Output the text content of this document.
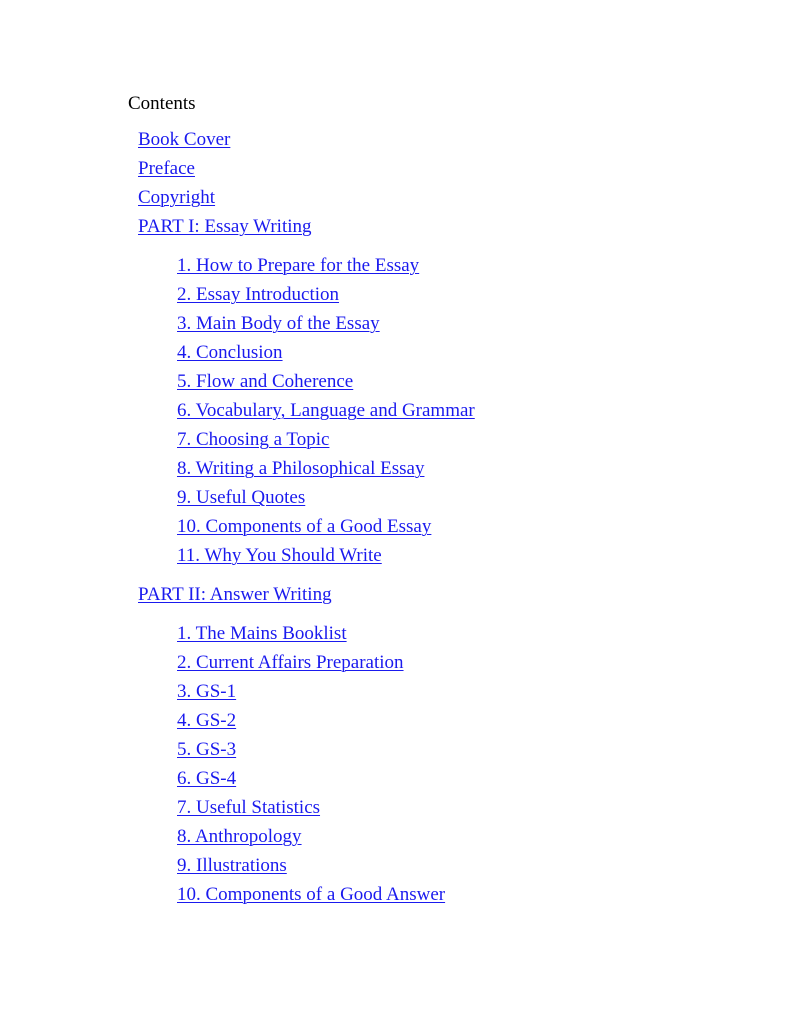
Contents
Book Cover
Preface
Copyright
PART I: Essay Writing
1. How to Prepare for the Essay
2. Essay Introduction
3. Main Body of the Essay
4. Conclusion
5. Flow and Coherence
6. Vocabulary, Language and Grammar
7. Choosing a Topic
8. Writing a Philosophical Essay
9. Useful Quotes
10. Components of a Good Essay
11. Why You Should Write
PART II: Answer Writing
1. The Mains Booklist
2. Current Affairs Preparation
3. GS-1
4. GS-2
5. GS-3
6. GS-4
7. Useful Statistics
8. Anthropology
9. Illustrations
10. Components of a Good Answer
